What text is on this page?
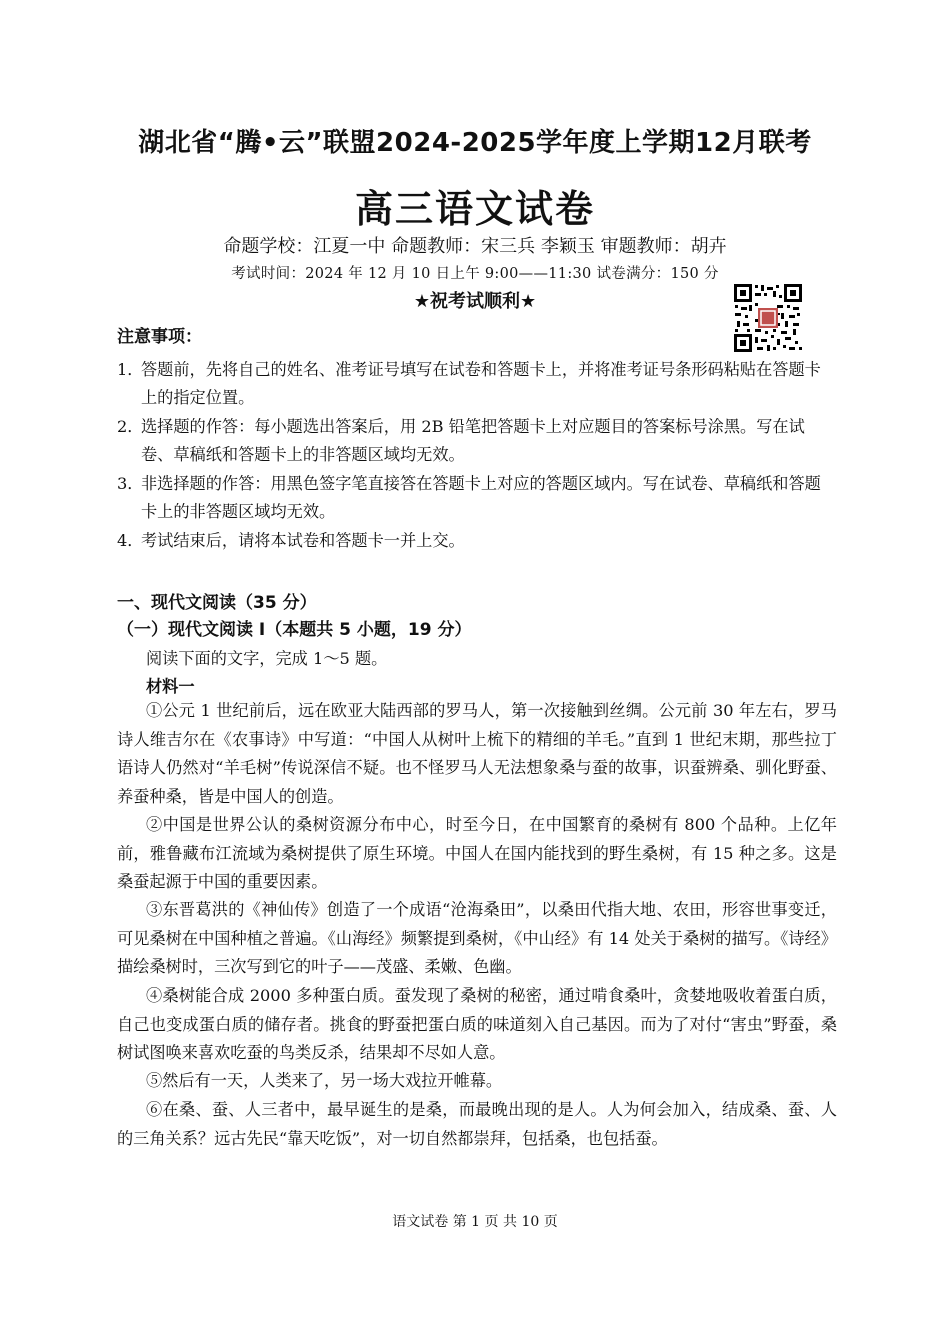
湖北省“腾•云”联盟2024-2025学年度上学期12月联考
高三语文试卷
命题学校：江夏一中 命题教师：宋三兵 李颖玉 审题教师：胡卉
考试时间：2024 年 12 月 10 日上午 9:00——11:30 试卷满分：150 分
★祝考试顺利★
注意事项：
1．
答题前，先将自己的姓名、准考证号填写在试卷和答题卡上，并将准考证号条形码粘贴在答题卡上的指定位置。
2．
选择题的作答：每小题选出答案后，用 2B 铅笔把答题卡上对应题目的答案标号涂黑。写在试卷、草稿纸和答题卡上的非答题区域均无效。
3．
非选择题的作答：用黑色签字笔直接答在答题卡上对应的答题区域内。写在试卷、草稿纸和答题卡上的非答题区域均无效。
4．
考试结束后，请将本试卷和答题卡一并上交。
一、现代文阅读（35 分）
（一）现代文阅读 I（本题共 5 小题，19 分）
阅读下面的文字，完成 1～5 题。
材料一

①公元 1 世纪前后，远在欧亚大陆西部的罗马人，第一次接触到丝绸。公元前 30 年左右，罗马诗人维吉尔在《农事诗》中写道：“中国人从树叶上梳下的精细的羊毛。”直到 1 世纪末期，那些拉丁语诗人仍然对“羊毛树”传说深信不疑。也不怪罗马人无法想象桑与蚕的故事，识蚕辨桑、驯化野蚕、养蚕种桑，皆是中国人的创造。

②中国是世界公认的桑树资源分布中心，时至今日，在中国繁育的桑树有 800 个品种。上亿年前，雅鲁藏布江流域为桑树提供了原生环境。中国人在国内能找到的野生桑树，有 15 种之多。这是桑蚕起源于中国的重要因素。

③东晋葛洪的《神仙传》创造了一个成语“沧海桑田”，以桑田代指大地、农田，形容世事变迁，可见桑树在中国种植之普遍。《山海经》频繁提到桑树，《中山经》有 14 处关于桑树的描写。《诗经》描绘桑树时，三次写到它的叶子——茂盛、柔嫩、色幽。

④桑树能合成 2000 多种蛋白质。蚕发现了桑树的秘密，通过啃食桑叶，贪婪地吸收着蛋白质，自己也变成蛋白质的储存者。挑食的野蚕把蛋白质的味道刻入自己基因。而为了对付“害虫”野蚕，桑树试图唤来喜欢吃蚕的鸟类反杀，结果却不尽如人意。

⑤然后有一天，人类来了，另一场大戏拉开帷幕。

⑥在桑、蚕、人三者中，最早诞生的是桑，而最晚出现的是人。人为何会加入，结成桑、蚕、人的三角关系？远古先民“靠天吃饭”，对一切自然都崇拜，包括桑，也包括蚕。

语文试卷 第 1 页 共 10 页
